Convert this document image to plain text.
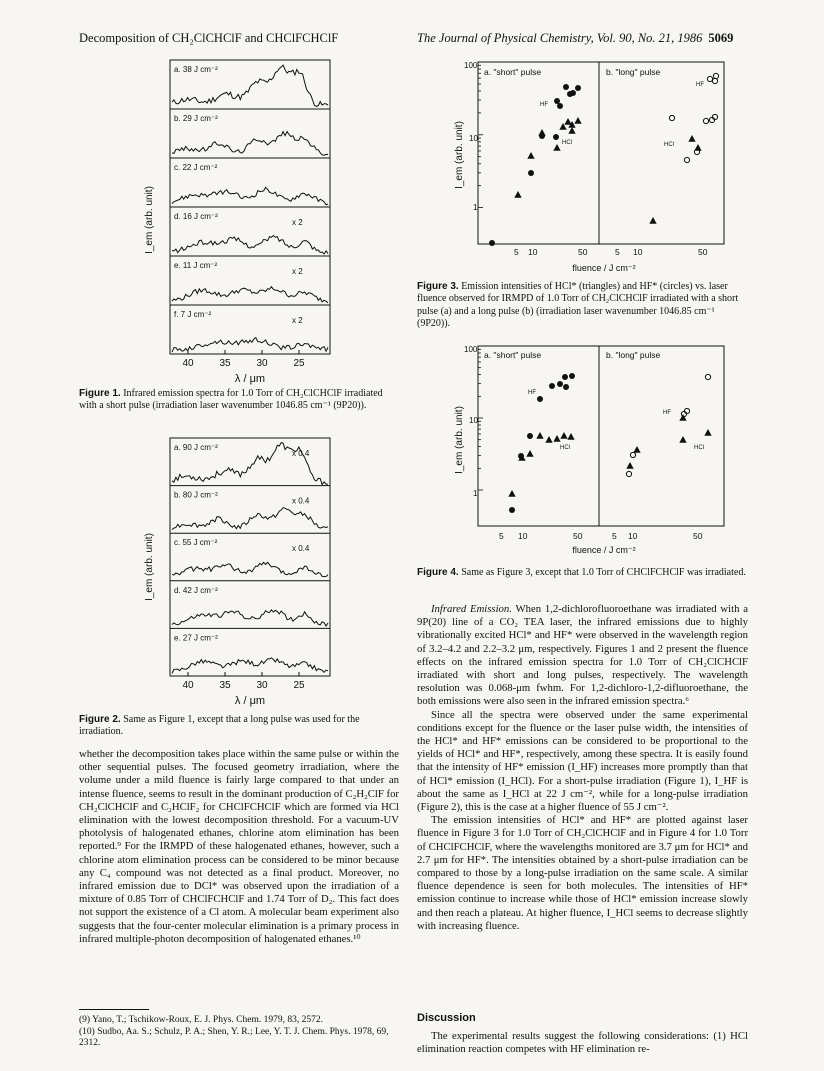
Decomposition of CH₂ClCHClF and CHClFCHClF	The Journal of Physical Chemistry, Vol. 90, No. 21, 1986 5069
a. 38 J cm⁻²
b. 29 J cm⁻²
c. 22 J cm⁻²
d. 16 J cm⁻²
x 2
e. 11 J cm⁻²
x 2
f. 7 J cm⁻²
x 2
40	35	30	25
I_em (arb. unit)
λ / μm
a. 90 J cm⁻²
x 0.4
b. 80 J cm⁻²
x 0.4
c. 55 J cm⁻²
x 0.4
d. 42 J cm⁻²
e. 27 J cm⁻²
40	35	30	25
I_em (arb. unit)
λ / μm
a. "short" pulse	b. "long" pulse
100
10
1
5 10	50	5 10	50
fluence / J cm⁻²
I_em (arb. unit)
HF
HCl
HF
HCl
a. "short" pulse	b. "long" pulse
100
10
1
5 10	50	5 10	50
fluence / J cm⁻²
I_em (arb. unit)
HF
HCl
HF
HCl
Figure 1. Infrared emission spectra for 1.0 Torr of CH₂ClCHClF irradiated with a short pulse (irradiation laser wavenumber 1046.85 cm⁻¹ (9P20)).
Figure 2. Same as Figure 1, except that a long pulse was used for the irradiation.
Figure 3. Emission intensities of HCl* (triangles) and HF* (circles) vs. laser fluence observed for IRMPD of 1.0 Torr of CH₂ClCHClF irradiated with a short pulse (a) and a long pulse (b) (irradiation laser wavenumber 1046.85 cm⁻¹ (9P20)).
Figure 4. Same as Figure 3, except that 1.0 Torr of CHClFCHClF was irradiated.

whether the decomposition takes place within the same pulse or within the other sequential pulses. The focused geometry irradiation, where the volume under a mild fluence is fairly large compared to that under an intense fluence, seems to result in the dominant production of C₂H₂ClF for CH₂ClCHClF and C₂HClF₂ for CHClFCHClF which are formed via HCl elimination with the lowest decomposition threshold. For a vacuum-UV photolysis of halogenated ethanes, chlorine atom elimination has been reported.⁹ For the IRMPD of these halogenated ethanes, however, such a chlorine atom elimination process can be considered to be minor because any C₄ compound was not detected as a final product. Moreover, no infrared emission due to DCl* was observed upon the irradiation of a mixture of 0.85 Torr of CHClFCHClF and 1.74 Torr of D₂. This fact does not support the existence of a Cl atom. A molecular beam experiment also suggests that the four-center molecular elimination is a primary process in infrared multiple-photon decomposition of halogenated ethanes.¹⁰

(9) Yano, T.; Tschikow-Roux, E. J. Phys. Chem. 1979, 83, 2572.
(10) Sudbo, Aa. S.; Schulz, P. A.; Shen, Y. R.; Lee, Y. T. J. Chem. Phys. 1978, 69, 2312.

Infrared Emission. When 1,2-dichlorofluoroethane was irradiated with a 9P(20) line of a CO₂ TEA laser, the infrared emissions due to highly vibrationally excited HCl* and HF* were observed in the wavelength region of 3.2–4.2 and 2.2–3.2 μm, respectively. Figures 1 and 2 present the fluence effects on the infrared emission spectra for 1.0 Torr of CH₂ClCHClF irradiated with short and long pulses, respectively. The wavelength resolution was 0.068-μm fwhm. For 1,2-dichloro-1,2-difluoroethane, the both emissions were also seen in the infrared emission spectra.⁶

Since all the spectra were observed under the same experimental conditions except for the fluence or the laser pulse width, the intensities of the HCl* and HF* emissions can be considered to be proportional to the yields of HCl* and HF*, respectively, among these spectra. It is easily found that the intensity of HF* emission (I_HF) increases more promptly than that of HCl* emission (I_HCl). For a short-pulse irradiation (Figure 1), I_HF is about the same as I_HCl at 22 J cm⁻², while for a long-pulse irradiation (Figure 2), this is the case at a higher fluence of 55 J cm⁻².

The emission intensities of HCl* and HF* are plotted against laser fluence in Figure 3 for 1.0 Torr of CH₂ClCHClF and in Figure 4 for 1.0 Torr of CHClFCHClF, where the wavelengths monitored are 3.7 μm for HCl* and 2.7 μm for HF*. The intensities obtained by a short-pulse irradiation can be compared to those by a long-pulse irradiation on the same scale. A similar fluence dependence is seen for both molecules. The intensities of HF* emission continue to increase while those of HCl* emission increase slowly and then reach a plateau. At higher fluence, I_HCl seems to decrease slightly with increasing fluence.

Discussion

The experimental results suggest the following considerations: (1) HCl elimination reaction competes with HF elimination re-
